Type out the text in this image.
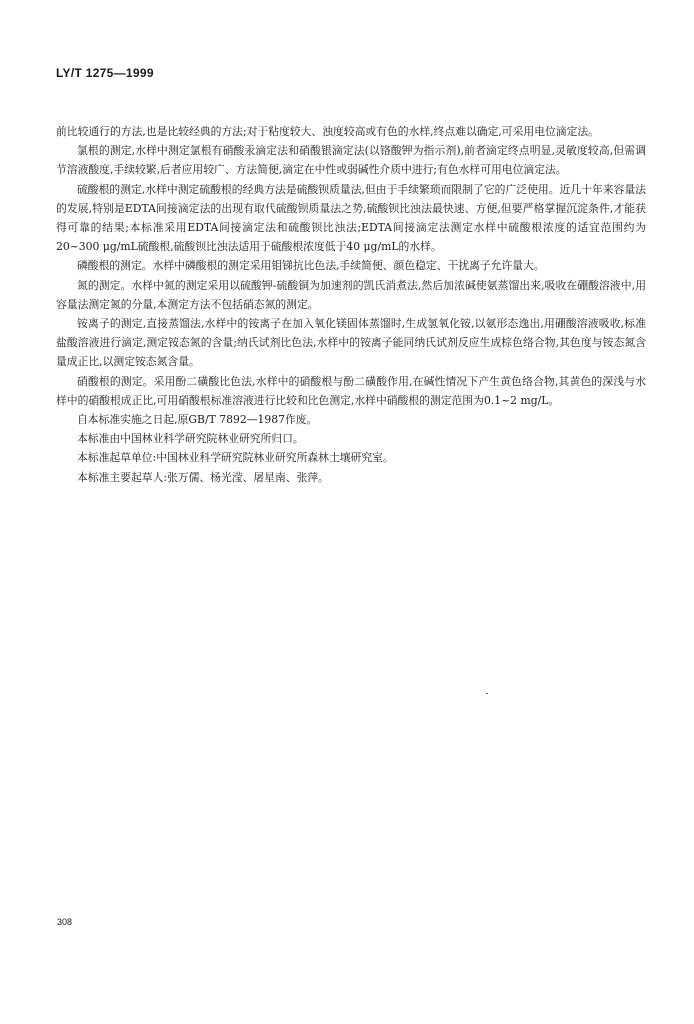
LY/T 1275—1999

前比较通行的方法,也是比较经典的方法;对于粘度较大、浊度较高或有色的水样,终点难以确定,可采用电位滴定法。

氯根的测定,水样中测定氯根有硝酸汞滴定法和硝酸银滴定法(以铬酸钾为指示剂),前者滴定终点明显,灵敏度较高,但需调节溶液酸度,手续较繁,后者应用较广、方法简便,滴定在中性或弱碱性介质中进行;有色水样可用电位滴定法。

硫酸根的测定,水样中测定硫酸根的经典方法是硫酸钡质量法,但由于手续繁琐而限制了它的广泛使用。近几十年来容量法的发展,特别是EDTA间接滴定法的出现有取代硫酸钡质量法之势,硫酸钡比浊法最快速、方便,但要严格掌握沉淀条件,才能获得可靠的结果;本标准采用EDTA间接滴定法和硫酸钡比浊法;EDTA间接滴定法测定水样中硫酸根浓度的适宜范围约为20~300 μg/mL硫酸根,硫酸钡比浊法适用于硫酸根浓度低于40 μg/mL的水样。

磷酸根的测定。水样中磷酸根的测定采用钼锑抗比色法,手续简便、颜色稳定、干扰离子允许量大。

氮的测定。水样中氮的测定采用以硫酸钾-硫酸铜为加速剂的凯氏消煮法,然后加浓碱使氨蒸馏出来,吸收在硼酸溶液中,用容量法测定氮的分量,本测定方法不包括硝态氮的测定。

铵离子的测定,直接蒸馏法,水样中的铵离子在加入氧化镁固体蒸馏时,生成氢氧化铵,以氨形态逸出,用硼酸溶液吸收,标准盐酸溶液进行滴定,测定铵态氮的含量;纳氏试剂比色法,水样中的铵离子能同纳氏试剂反应生成棕色络合物,其色度与铵态氮含量成正比,以测定铵态氮含量。

硝酸根的测定。采用酚二磺酸比色法,水样中的硝酸根与酚二磺酸作用,在碱性情况下产生黄色络合物,其黄色的深浅与水样中的硝酸根成正比,可用硝酸根标准溶液进行比较和比色测定,水样中硝酸根的测定范围为0.1~2 mg/L。

自本标准实施之日起,原GB/T 7892—1987作废。

本标准由中国林业科学研究院林业研究所归口。

本标准起草单位:中国林业科学研究院林业研究所森林土壤研究室。

本标准主要起草人:张万儒、杨光滢、屠星南、张萍。

308
